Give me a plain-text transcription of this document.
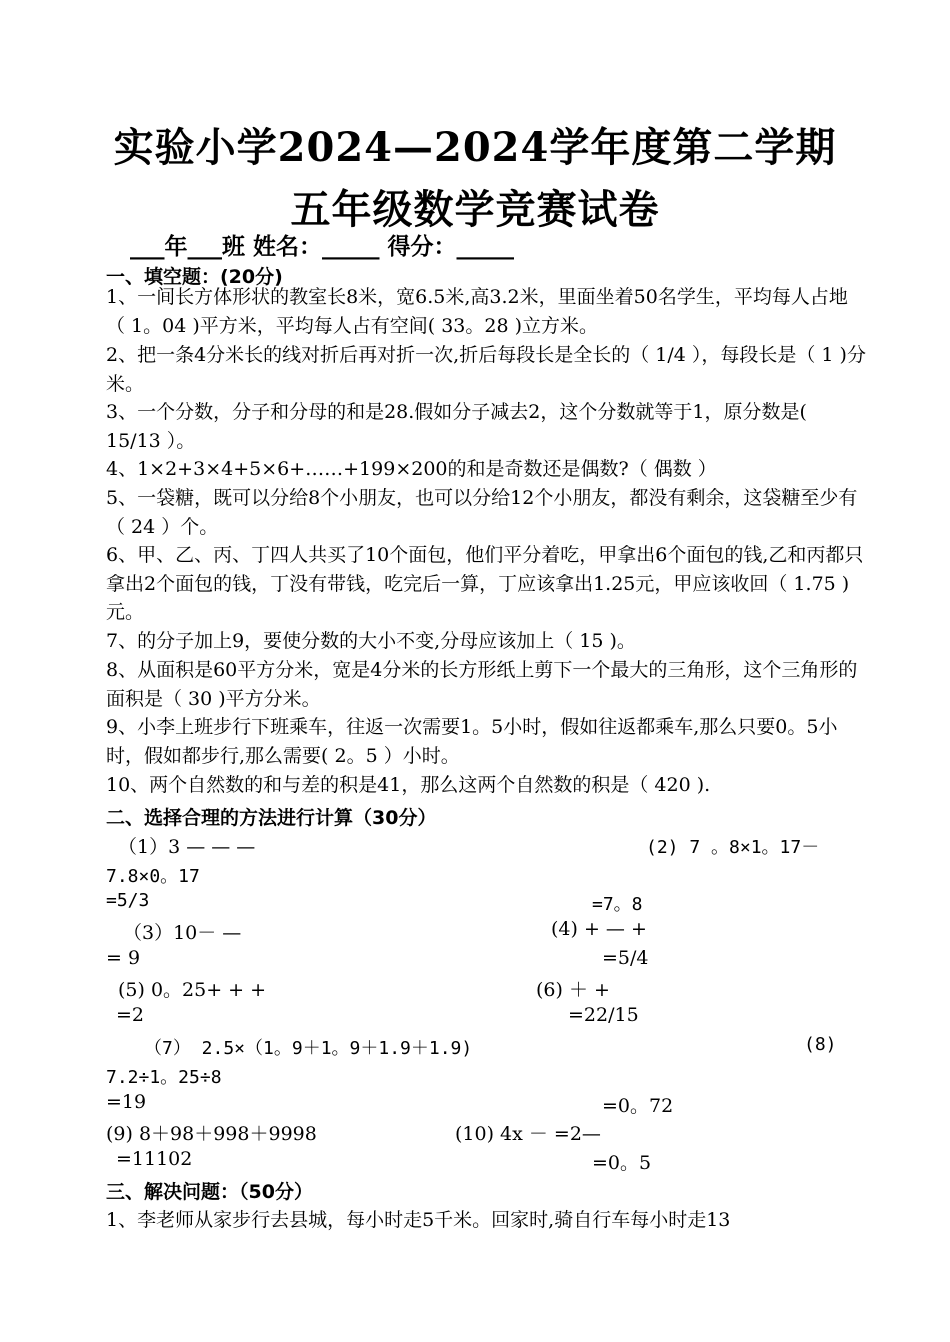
实验小学2024—2024学年度第二学期
五年级数学竞赛试卷
___年___班 姓名：_____ 得分：_____
一、填空题：(20分)
1、一间长方体形状的教室长8米，宽6.5米,高3.2米，里面坐着50名学生，平均每人占地（ 1。04 )平方米，平均每人占有空间( 33。28 )立方米。
2、把一条4分米长的线对折后再对折一次,折后每段长是全长的（ 1/4 ），每段长是（ 1 )分米。
3、一个分数，分子和分母的和是28.假如分子减去2，这个分数就等于1，原分数是( 15/13 ）。
4、1×2+3×4+5×6+……+199×200的和是奇数还是偶数?（ 偶数 ）
5、一袋糖，既可以分给8个小朋友，也可以分给12个小朋友，都没有剩余，这袋糖至少有（ 24 ）个。
6、甲、乙、丙、丁四人共买了10个面包，他们平分着吃，甲拿出6个面包的钱,乙和丙都只拿出2个面包的钱，丁没有带钱，吃完后一算，丁应该拿出1.25元，甲应该收回（ 1.75 )元。
7、的分子加上9，要使分数的大小不变,分母应该加上（ 15 )。
8、从面积是60平方分米，宽是4分米的长方形纸上剪下一个最大的三角形，这个三角形的面积是（ 30 )平方分米。
9、小李上班步行下班乘车，往返一次需要1。5小时，假如往返都乘车,那么只要0。5小时，假如都步行,那么需要( 2。5 ）小时。
10、两个自然数的和与差的积是41，那么这两个自然数的积是（ 420 ).
二、选择合理的方法进行计算（30分）
（1）3 — — —	(2) 7 。8×1。17－
7.8×0。17
=5/3	=7。8
（3）10－ —	(4) + — +
= 9	=5/4
(5) 0。25+ + +	(6) ＋ +
=2	=22/15
（7） 2.5×（1。9＋1。9＋1.9＋1.9)	(8)
7.2÷1。25÷8
=19	=0。72
(9) 8＋98＋998＋9998	(10) 4x － =2—
=11102	=0。5
三、解决问题：（50分）
1、李老师从家步行去县城，每小时走5千米。回家时,骑自行车每小时走13
